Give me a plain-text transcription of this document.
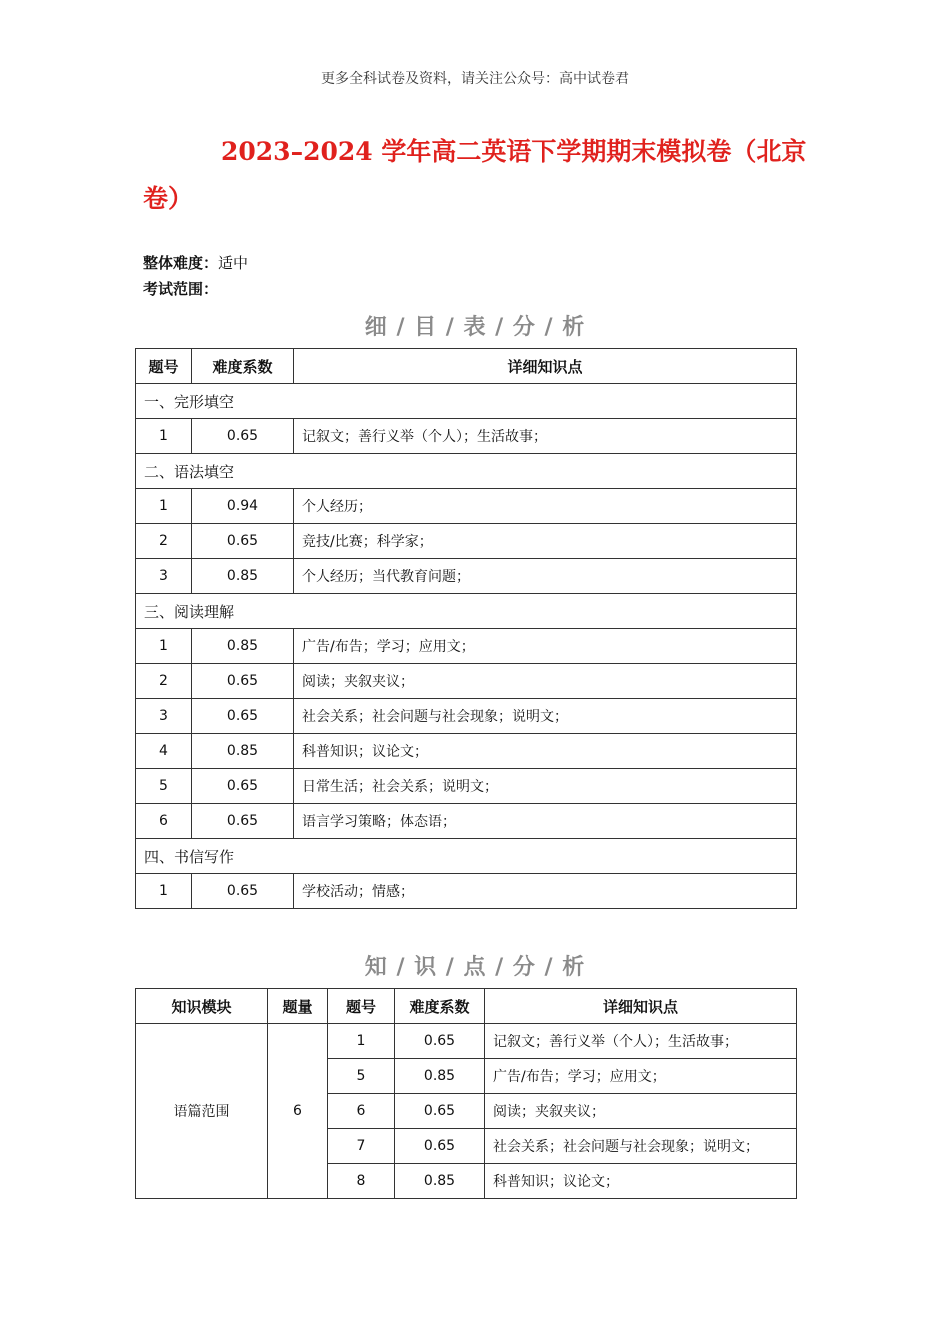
更多全科试卷及资料，请关注公众号：高中试卷君
2023–2024 学年高二英语下学期期末模拟卷（北京
卷）
整体难度：适中
考试范围：
细 / 目 / 表 / 分 / 析
题号	难度系数	详细知识点
一、完形填空		
1	0.65	记叙文；善行义举（个人）；生活故事；
二、语法填空		
1	0.94	个人经历；
2	0.65	竞技/比赛；科学家；
3	0.85	个人经历；当代教育问题；
三、阅读理解		
1	0.85	广告/布告；学习；应用文；
2	0.65	阅读；夹叙夹议；
3	0.65	社会关系；社会问题与社会现象；说明文；
4	0.85	科普知识；议论文；
5	0.65	日常生活；社会关系；说明文；
6	0.65	语言学习策略；体态语；
四、书信写作		
1	0.65	学校活动；情感；
知 / 识 / 点 / 分 / 析
知识模块	题量	题号	难度系数	详细知识点
语篇范围	6	1	0.65	记叙文；善行义举（个人）；生活故事；
		5	0.85	广告/布告；学习；应用文；
		6	0.65	阅读；夹叙夹议；
		7	0.65	社会关系；社会问题与社会现象；说明文；
		8	0.85	科普知识；议论文；
